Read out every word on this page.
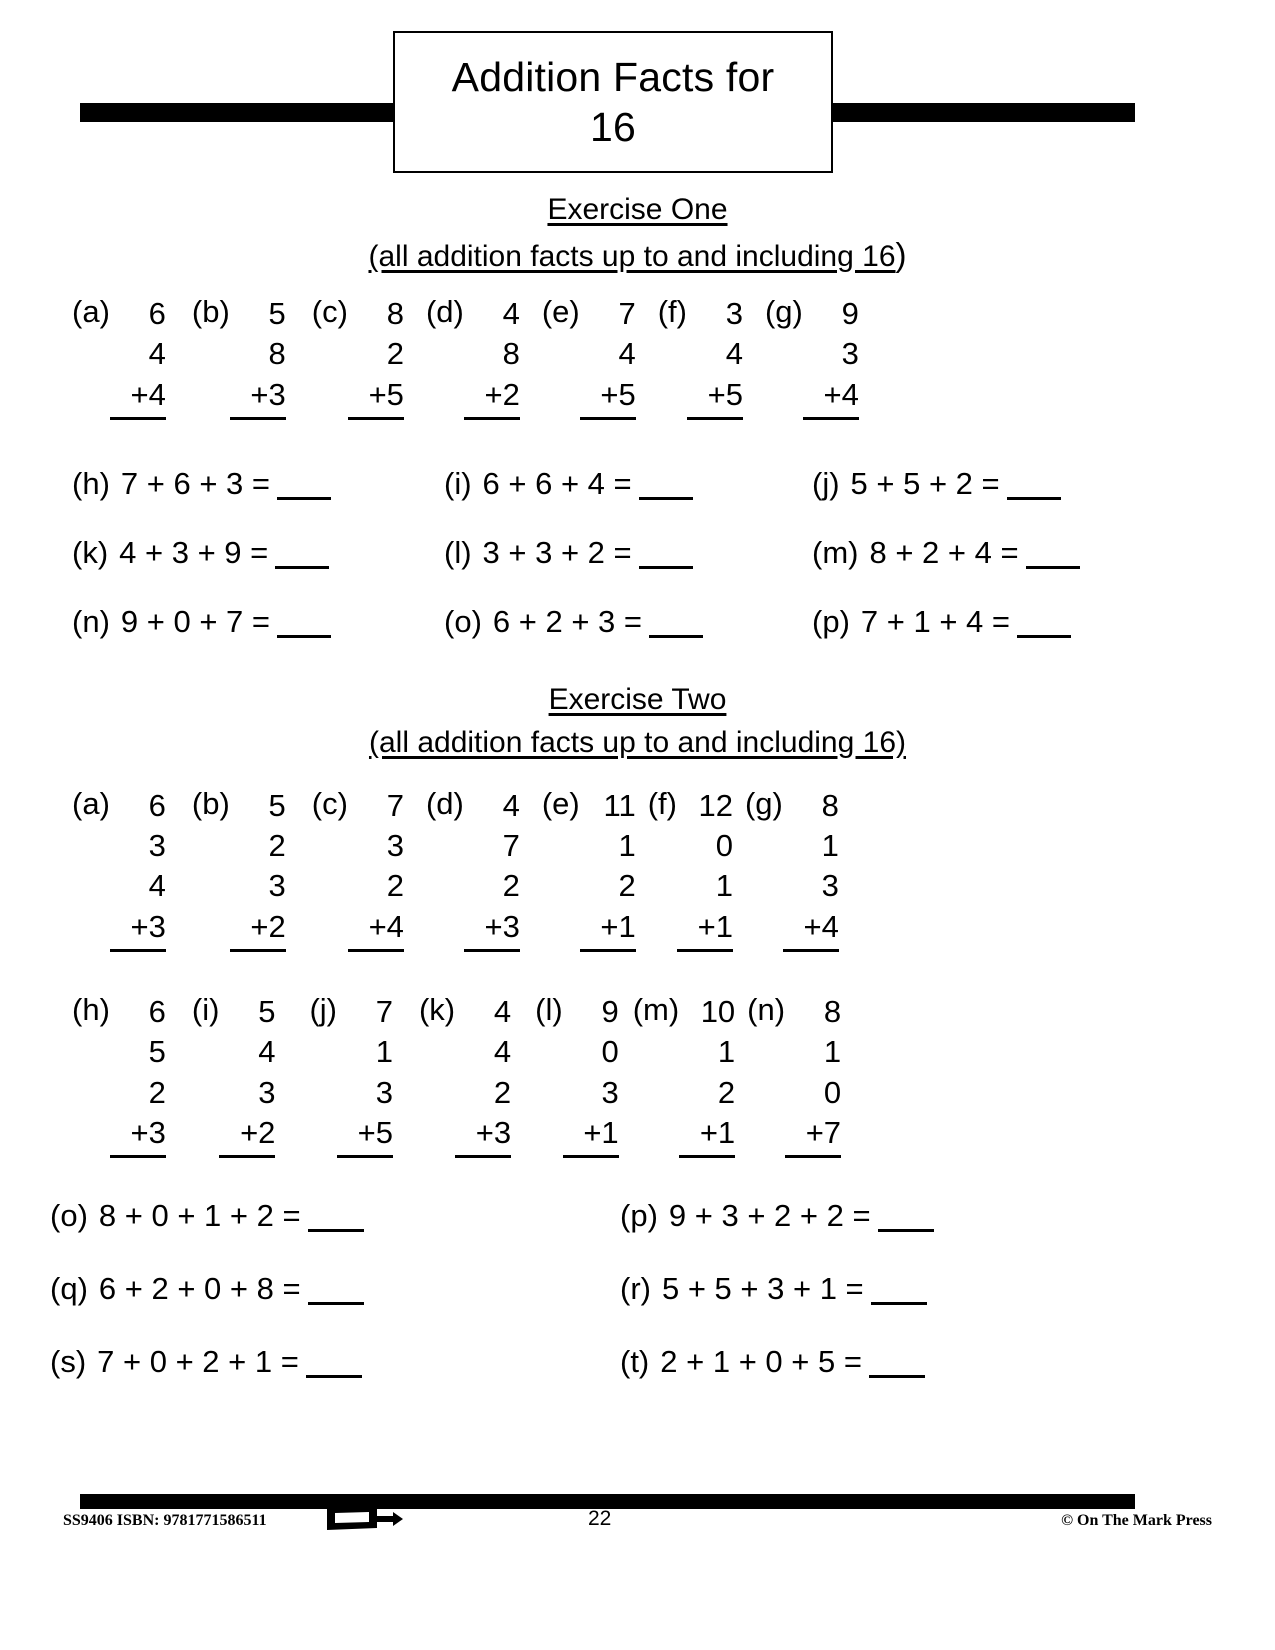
Addition Facts for
16
Exercise One
(all addition facts up to and including 16)
(a) 6
4
+4
(b) 5
8
+3
(c) 8
2
+5
(d) 4
8
+2
(e) 7
4
+5
(f) 3
4
+5
(g) 9
3
+4
(h) 7 + 6 + 3 =	(i) 6 + 6 + 4 =	(j) 5 + 5 + 2 =
(k) 4 + 3 + 9 =	(l) 3 + 3 + 2 =	(m) 8 + 2 + 4 =
(n) 9 + 0 + 7 =	(o) 6 + 2 + 3 =	(p) 7 + 1 + 4 =
Exercise Two
(all addition facts up to and including 16)
(a) 6
3
4
+3
(b) 5
2
3
+2
(c) 7
3
2
+4
(d) 4
7
2
+3
(e) 11
1
2
+1
(f) 12
0
1
+1
(g) 8
1
3
+4
(h) 6
5
2
+3
(i) 5
4
3
+2
(j) 7
1
3
+5
(k) 4
4
2
+3
(l) 9
0
3
+1
(m) 10
1
2
+1
(n) 8
1
0
+7
(o) 8 + 0 + 1 + 2 =	(p) 9 + 3 + 2 + 2 =
(q) 6 + 2 + 0 + 8 =	(r) 5 + 5 + 3 + 1 =
(s) 7 + 0 + 2 + 1 =	(t) 2 + 1 + 0 + 5 =
SS9406 ISBN: 9781771586511	22	© On The Mark Press
